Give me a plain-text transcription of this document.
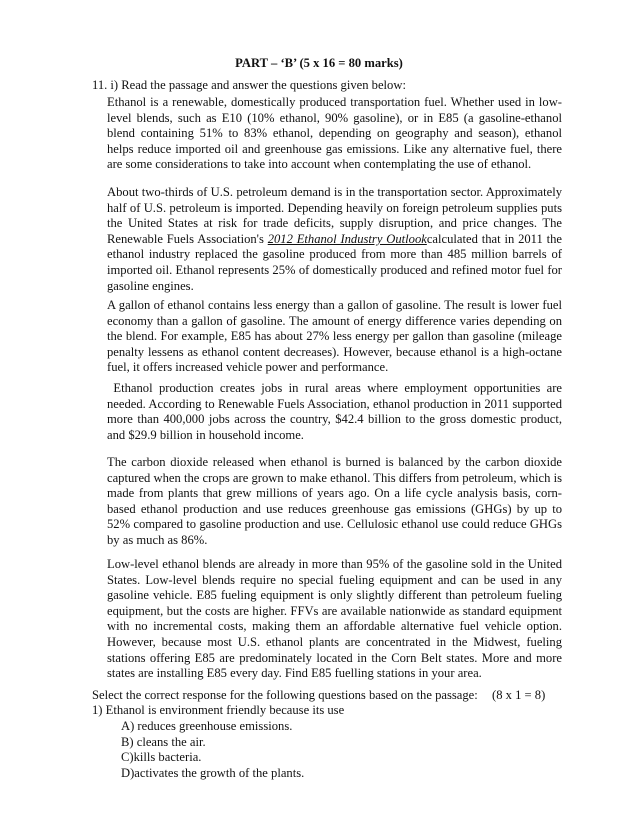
PART – ‘B’ (5 x 16 = 80 marks)
11. i) Read the passage and answer the questions given below:

Ethanol is a renewable, domestically produced transportation fuel. Whether used in low-level blends, such as E10 (10% ethanol, 90% gasoline), or in E85 (a gasoline-ethanol blend containing 51% to 83% ethanol, depending on geography and season), ethanol helps reduce imported oil and greenhouse gas emissions. Like any alternative fuel, there are some considerations to take into account when contemplating the use of ethanol.

About two-thirds of U.S. petroleum demand is in the transportation sector. Approximately half of U.S. petroleum is imported. Depending heavily on foreign petroleum supplies puts the United States at risk for trade deficits, supply disruption, and price changes. The Renewable Fuels Association's 2012 Ethanol Industry Outlookcalculated that in 2011 the ethanol industry replaced the gasoline produced from more than 485 million barrels of imported oil. Ethanol represents 25% of domestically produced and refined motor fuel for gasoline engines.

A gallon of ethanol contains less energy than a gallon of gasoline. The result is lower fuel economy than a gallon of gasoline. The amount of energy difference varies depending on the blend. For example, E85 has about 27% less energy per gallon than gasoline (mileage penalty lessens as ethanol content decreases). However, because ethanol is a high-octane fuel, it offers increased vehicle power and performance.

Ethanol production creates jobs in rural areas where employment opportunities are needed. According to Renewable Fuels Association, ethanol production in 2011 supported more than 400,000 jobs across the country, $42.4 billion to the gross domestic product, and $29.9 billion in household income.

The carbon dioxide released when ethanol is burned is balanced by the carbon dioxide captured when the crops are grown to make ethanol. This differs from petroleum, which is made from plants that grew millions of years ago. On a life cycle analysis basis, corn-based ethanol production and use reduces greenhouse gas emissions (GHGs) by up to 52% compared to gasoline production and use. Cellulosic ethanol use could reduce GHGs by as much as 86%.

Low-level ethanol blends are already in more than 95% of the gasoline sold in the United States. Low-level blends require no special fueling equipment and can be used in any gasoline vehicle. E85 fueling equipment is only slightly different than petroleum fueling equipment, but the costs are higher. FFVs are available nationwide as standard equipment with no incremental costs, making them an affordable alternative fuel vehicle option. However, because most U.S. ethanol plants are concentrated in the Midwest, fueling stations offering E85 are predominately located in the Corn Belt states. More and more states are installing E85 every day. Find E85 fuelling stations in your area.

Select the correct response for the following questions based on the passage: (8 x 1 = 8)
1) Ethanol is environment friendly because its use
A) reduces greenhouse emissions.
B) cleans the air.
C)kills bacteria.
D)activates the growth of the plants.
